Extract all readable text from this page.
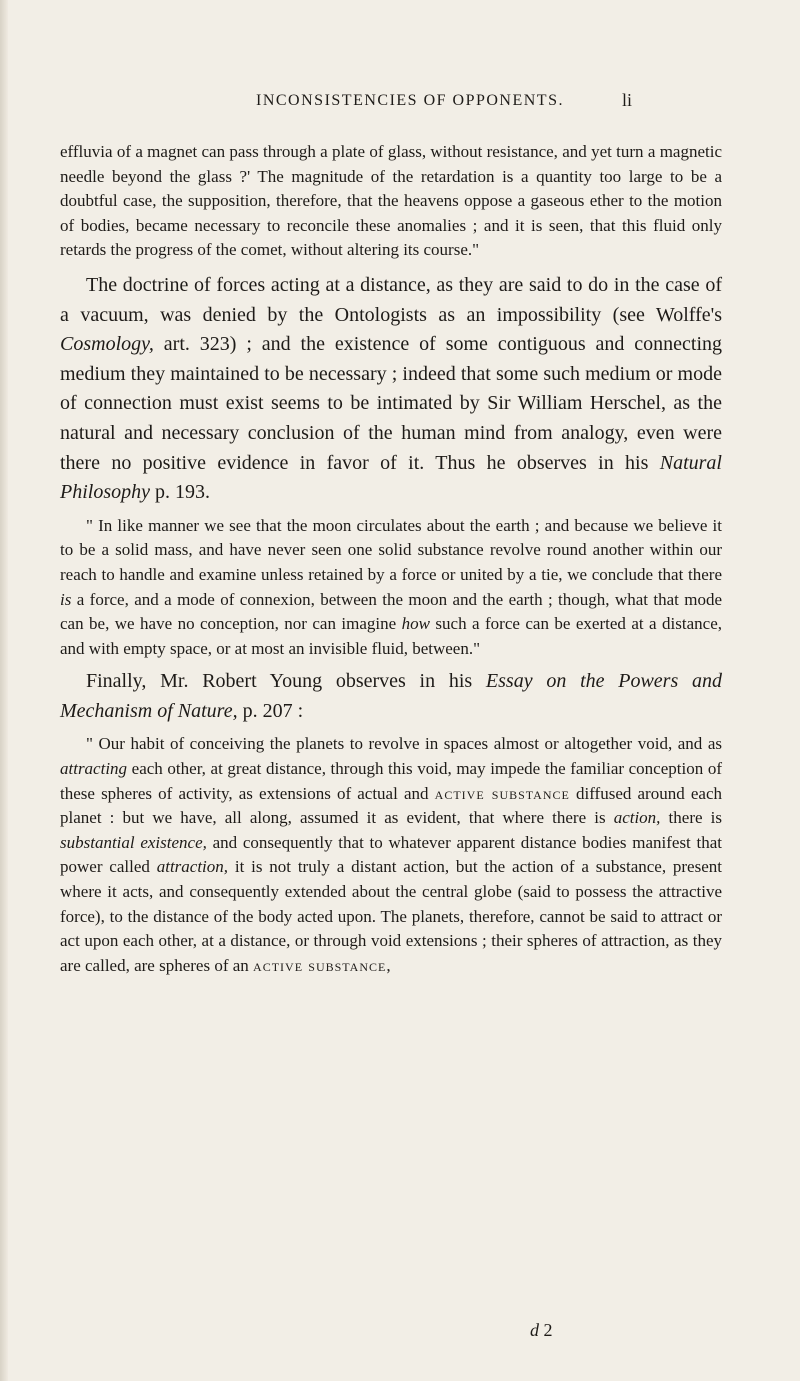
INCONSISTENCIES OF OPPONENTS.	li

effluvia of a magnet can pass through a plate of glass, without resistance, and yet turn a magnetic needle beyond the glass ?' The magnitude of the retardation is a quantity too large to be a doubtful case, the supposition, therefore, that the heavens oppose a gaseous ether to the motion of bodies, became necessary to reconcile these anomalies ; and it is seen, that this fluid only retards the progress of the comet, without altering its course."

The doctrine of forces acting at a distance, as they are said to do in the case of a vacuum, was denied by the Ontologists as an impossibility (see Wolffe's Cosmology, art. 323) ; and the existence of some contiguous and connecting medium they maintained to be necessary ; indeed that some such medium or mode of connection must exist seems to be intimated by Sir William Herschel, as the natural and necessary conclusion of the human mind from analogy, even were there no positive evidence in favor of it. Thus he observes in his Natural Philosophy p. 193.

" In like manner we see that the moon circulates about the earth ; and because we believe it to be a solid mass, and have never seen one solid substance revolve round another within our reach to handle and examine unless retained by a force or united by a tie, we conclude that there is a force, and a mode of connexion, between the moon and the earth ; though, what that mode can be, we have no conception, nor can imagine how such a force can be exerted at a distance, and with empty space, or at most an invisible fluid, between."

Finally, Mr. Robert Young observes in his Essay on the Powers and Mechanism of Nature, p. 207 :

" Our habit of conceiving the planets to revolve in spaces almost or altogether void, and as attracting each other, at great distance, through this void, may impede the familiar conception of these spheres of activity, as extensions of actual and active substance diffused around each planet : but we have, all along, assumed it as evident, that where there is action, there is substantial existence, and consequently that to whatever apparent distance bodies manifest that power called attraction, it is not truly a distant action, but the action of a substance, present where it acts, and consequently extended about the central globe (said to possess the attractive force), to the distance of the body acted upon. The planets, therefore, cannot be said to attract or act upon each other, at a distance, or through void extensions ; their spheres of attraction, as they are called, are spheres of an active substance,

d 2
